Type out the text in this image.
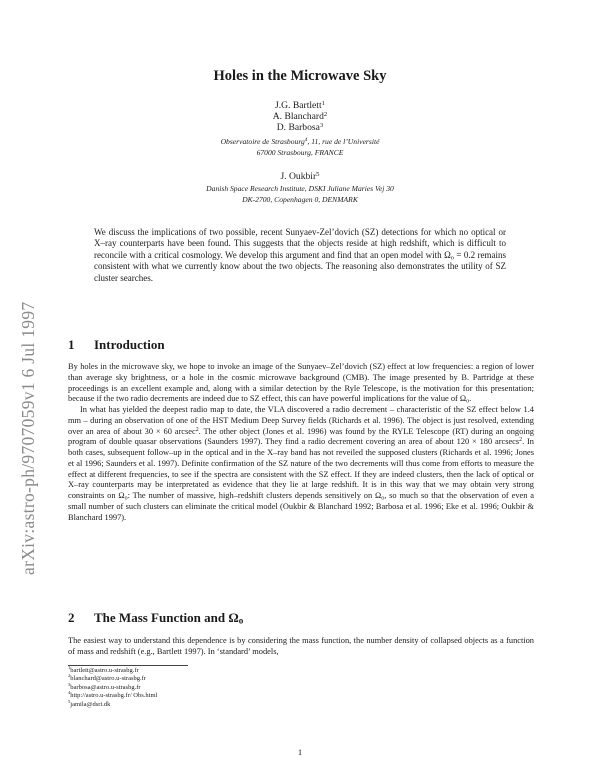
arXiv:astro-ph/9707059v1 6 Jul 1997
Holes in the Microwave Sky
J.G. Bartlett$^1$
A. Blanchard$^2$
D. Barbosa$^3$
Observatoire de Strasbourg$^4$, 11, rue de l’Université
67000 Strasbourg, FRANCE
J. Oukbir$^5$
Danish Space Research Institute, DSKI Juliane Maries Vej 30
DK-2700, Copenhagen 0, DENMARK
We discuss the implications of two possible, recent Sunyaev-Zel’dovich (SZ) detections for which no optical or X–ray counterparts have been found. This suggests that the objects reside at high redshift, which is difficult to reconcile with a critical cosmology. We develop this argument and find that an open model with $\Omega_o = 0.2$ remains consistent with what we currently know about the two objects. The reasoning also demonstrates the utility of SZ cluster searches.
1 Introduction

By holes in the microwave sky, we hope to invoke an image of the Sunyaev–Zel’dovich (SZ) effect at low frequencies: a region of lower than average sky brightness, or a hole in the cosmic microwave background (CMB). The image presented by B. Partridge at these proceedings is an excellent example and, along with a similar detection by the Ryle Telescope, is the motivation for this presentation; because if the two radio decrements are indeed due to SZ effect, this can have powerful implications for the value of $\Omega_o$.

In what has yielded the deepest radio map to date, the VLA discovered a radio decrement – characteristic of the SZ effect below 1.4 mm – during an observation of one of the HST Medium Deep Survey fields (Richards et al. 1996). The object is just resolved, extending over an area of about 30 × 60 arcsec$^2$. The other object (Jones et al. 1996) was found by the RYLE Telescope (RT) during an ongoing program of double quasar observations (Saunders 1997). They find a radio decrement covering an area of about 120 × 180 arcsecs$^2$. In both cases, subsequent follow–up in the optical and in the X–ray band has not reveiled the supposed clusters (Richards et al. 1996; Jones et al 1996; Saunders et al. 1997). Definite confirmation of the SZ nature of the two decrements will thus come from efforts to measure the effect at different frequencies, to see if the spectra are consistent with the SZ effect. If they are indeed clusters, then the lack of optical or X–ray counterparts may be interpretated as evidence that they lie at large redshift. It is in this way that we may obtain very strong constraints on $\Omega_o$: The number of massive, high–redshift clusters depends sensitively on $\Omega_o$, so much so that the observation of even a small number of such clusters can eliminate the critical model (Oukbir & Blanchard 1992; Barbosa et al. 1996; Eke et al. 1996; Oukbir & Blanchard 1997).

2 The Mass Function and $\Omega_o$

The easiest way to understand this dependence is by considering the mass function, the number density of collapsed objects as a function of mass and redshift (e.g., Bartlett 1997). In ‘standard’ models,

$^1$bartlett@astro.u-strasbg.fr
$^2$blanchard@astro.u-strasbg.fr
$^3$barbosa@astro.u-strasbg.fr
$^4$http://astro.u-strasbg.fr/ Obs.html
$^5$jamila@dsri.dk
1
